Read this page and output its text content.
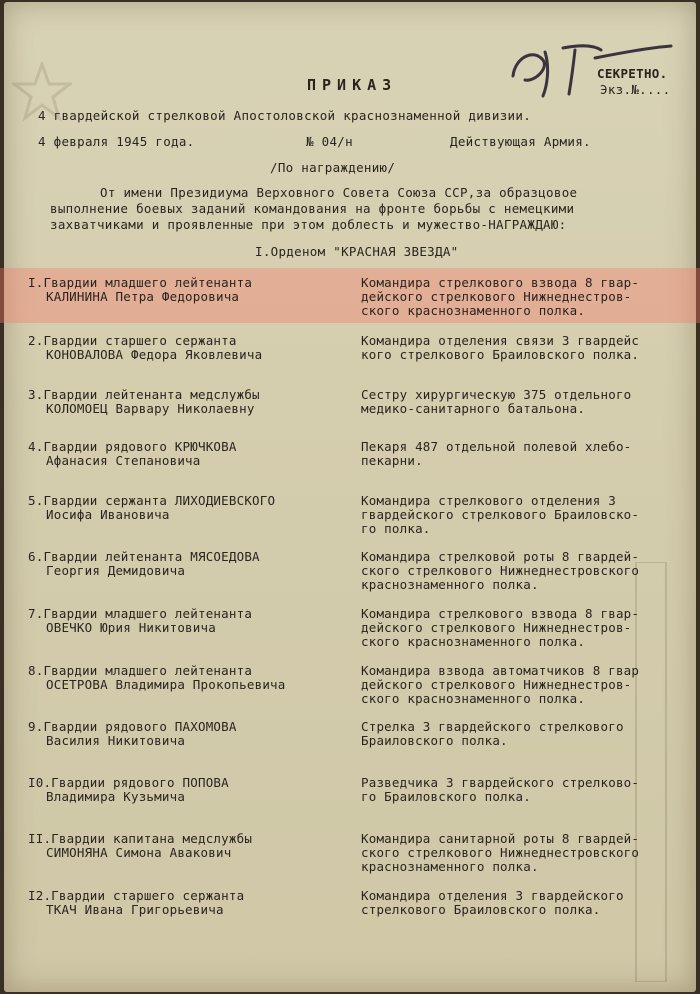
ПРИКАЗ
СЕКРЕТНО.
Экз.№....
4 гвардейской стрелковой Апостоловской краснознаменной дивизии.
4 февраля 1945 года.	№ 04/н	Действующая Армия.
/По награждению/
От имени Президиума Верховного Совета Союза ССР,за образцовое
выполнение боевых заданий командования на фронте борьбы с немецкими
захватчиками и проявленные при этом доблесть и мужество-НАГРАЖДАЮ:
I.Орденом "КРАСНАЯ ЗВЕЗДА"
I.Гвардии младшего лейтенанта
КАЛИНИНА Петра Федоровича
Командира стрелкового взвода 8 гвар-
дейского стрелкового Нижнеднестров-
ского краснознаменного полка.
2.Гвардии старшего сержанта
КОНОВАЛОВА Федора Яковлевича
Командира отделения связи 3 гвардейс
кого стрелкового Браиловского полка.
3.Гвардии лейтенанта медслужбы
КОЛОМОЕЦ Варвару Николаевну
Сестру хирургическую 375 отдельного
медико-санитарного батальона.
4.Гвардии рядового КРЮЧКОВА
Афанасия Степановича
Пекаря 487 отдельной полевой хлебо-
пекарни.
5.Гвардии сержанта ЛИХОДИЕВСКОГО
Иосифа Ивановича
Командира стрелкового отделения 3
гвардейского стрелкового Браиловско-
го полка.
6.Гвардии лейтенанта МЯСОЕДОВА
Георгия Демидовича
Командира стрелковой роты 8 гвардей-
ского стрелкового Нижнеднестровского
краснознаменного полка.
7.Гвардии младшего лейтенанта
ОВЕЧКО Юрия Никитовича
Командира стрелкового взвода 8 гвар-
дейского стрелкового Нижнеднестров-
ского краснознаменного полка.
8.Гвардии младшего лейтенанта
ОСЕТРОВА Владимира Прокопьевича
Командира взвода автоматчиков 8 гвар
дейского стрелкового Нижнеднестров-
ского краснознаменного полка.
9.Гвардии рядового ПАХОМОВА
Василия Никитовича
Стрелка 3 гвардейского стрелкового
Браиловского полка.
I0.Гвардии рядового ПОПОВА
Владимира Кузьмича
Разведчика 3 гвардейского стрелково-
го Браиловского полка.
II.Гвардии капитана медслужбы
СИМОНЯНА Симона Авакович
Командира санитарной роты 8 гвардей-
ского стрелкового Нижнеднестровского
краснознаменного полка.
I2.Гвардии старшего сержанта
ТКАЧ Ивана Григорьевича
Командира отделения 3 гвардейского
стрелкового Браиловского полка.
